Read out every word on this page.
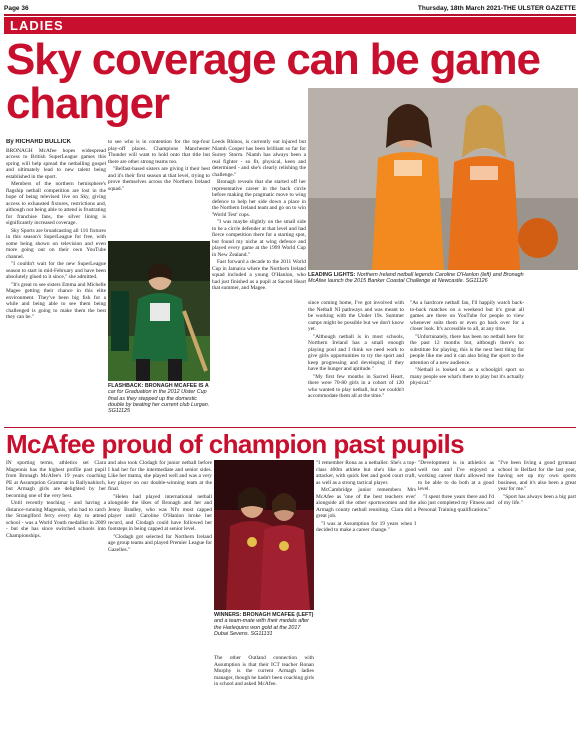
Page 36	Thursday, 18th March 2021-THE ULSTER GAZETTE
LADIES
Sky coverage can be game changer
By RICHARD BULLICK

BRONAGH McAfee hopes widespread access to British SuperLeague games this spring will help spread the netballing gospel and ultimately lead to new talent being established in the sport.

Members of the northern hemisphere's flagship netball competition are lost in the hope of being televised live on Sky, giving access to exhausted fixtures, restrictions and, although not being able to attend is frustrating for franchise fans, the silver lining is significantly increased coverage.

Sky Sports are broadcasting all 116 fixtures in this season's SuperLeague for free, with some being shown on television and even more going out on their own YouTube channel.

"I couldn't wait for the new SuperLeague season to start in mid-February and have been absolutely glued to it since," she admitted.

"It's great to see sisters Emma and Michelle Magee getting their chance in this elite environment. They've been big fish for a while and being able to see them being challenged is going to make them the best they can be."

to see who is in contention for the top-four play-off places. Champions Manchester Thunder will want to hold onto that title but there are other strong teams too.

"Belfast-based sisters are giving it their best and it's their first season at that level, trying to prove themselves across the Northern Ireland squad."

FLASHBACK: BRONAGH MCAFEE IS A car for Graduation in the 2012 Ulster Cup final as they stepped up the domestic double by beating her current club Lurgan. SG11125

Leeds Rhinos, is currently out injured but Niamh Cooper has been brilliant so far for Surrey Storm. Niamh has always been a real fighter - so fit, physical, keen and determined - and she's clearly relishing the challenge."

Bronagh reveals that she started off her representative career in the back circle before making the pragmatic move to wing defence to help her side down a place in the Northern Ireland team and go on to win 'World Test' cups.

"I was maybe slightly on the small side to be a circle defender at that level and had fierce competition there for a starting spot, but found my niche at wing defence and played every game at the 1999 World Cup in New Zealand."

Fast forward a decade to the 2011 World Cup in Jamaica where the Northern Ireland squad included a young O'Hanlon, who had just finished as a pupil at Sacred Heart that summer, and Magee.

LEADING LIGHTS: Northern Ireland netball legends Caroline O'Hanlon (left) and Bronagh McAfee launch the 2015 Banker Coastal Challenge at Newcastle. SG11126

since coming home, I've got involved with the Netball NI pathways and was meant to be working with the Under 19s. Summer camps might be possible but we don't know yet.

"Although netball is in most schools, Northern Ireland has a small enough playing pool and I think we need work to give girls opportunities to try the sport and keep progressing and developing if they have the hunger and aptitude."

"My first few months in Sacred Heart, there were 70-80 girls in a cohort of 120 who wanted to play netball, but we couldn't accommodate them all at the time."

"As a hardcore netball fan, I'll happily watch back-to-back matches on a weekend but it's great all games are there on YouTube for people to view whenever suits them or even go back over for a closer look. It's accessible to all, at any time.

"Unfortunately, there has been no netball here for the past 12 months but, although there's no substitute for playing, this is the next best thing for people like me and it can also bring the sport to the attention of a new audience.

"Netball is looked on as a schoolgirl sport so many people see what's there to play but it's actually physical."

McAfee proud of champion past pupils

IN sporting terms, athletics set Ciara Magennis has the highest profile past pupil from Bronagh McAfee's 19 years coaching PE at Assumption Grammar in Ballynahinch, but Armagh girls are delighted by her becoming one of the very best.

Until recently teaching - and having a distance-running Magennis, who had to catch the Stranglford ferry every day to attend school - was a World Youth medallist in 2009 - but she has since switched schools into Championships.

and also took Clodagh for junior netball before I had her for the intermediate and senior sides. Like her mama, she played well and was a very key player on our double-winning team at the final.

"Helen had played international netball alongside the likes of Bronagh and her and Jenny Bradley, who was NI's most capped player until Caroline O'Hanlon broke her record, and Clodagh could have followed her footsteps in being capped at senior level.

"Clodagh got selected for Northern Ireland age group teams and played Premier League for Gazelles."

WINNERS: BRONAGH MCAFEE (LEFT) and a team-mate with their medals after the Harlequins won gold at the 2017 Dubai Sevens. SG11131

The other Outland connection with Assumption is that their ICT teacher Ronan Murphy is the current Armagh ladies manager, though he hadn't been coaching girls in school and asked McAfee.

"I remember Rona as a netballer. She's a top-class 400m athlete but she's like a good attacker, with quick feet and good court craft, as well as a strong tactical player.

McCambridge junior remembers Mrs McAfee as 'one of the best teachers ever' alongside all the other sportswomen and the Armagh county netball reuniting. Ciara did a great job.

"I was at Assumption for 19 years when I decided to make a career change."

"Development is in athletics as well too and I've enjoyed a working career that's allowed me to be able to do both at a good level.

"I spent three years there and I'd also just completed my Fitness and Personal Training qualifications."

"I've been living a good gymnast school in Belfast for the last year, having set up my own sports business, and it's also been a great year for me."

"Sport has always been a big part of my life."
